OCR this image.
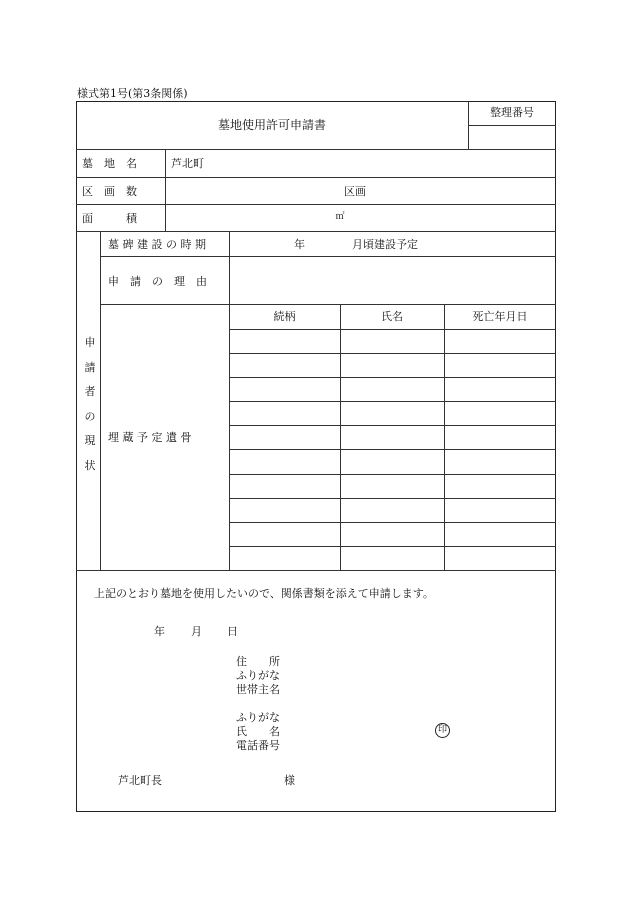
様式第1号(第3条関係)
墓地使用許可申請書
整理番号
墓　地　名	芦北町
区　画　数	区画
面　　　積	㎡
申
請
者
の
現
状
墓 碑 建 設 の 時 期	年	月頃建設予定
申　請　の　理　由
埋 蔵 予 定 遺 骨
続柄	氏名	死亡年月日
上記のとおり墓地を使用したいので、関係書類を添えて申請します。
年 月 日
住　　所
ふりがな
世帯主名
ふりがな
氏　　名
電話番号
印
芦北町長	様
